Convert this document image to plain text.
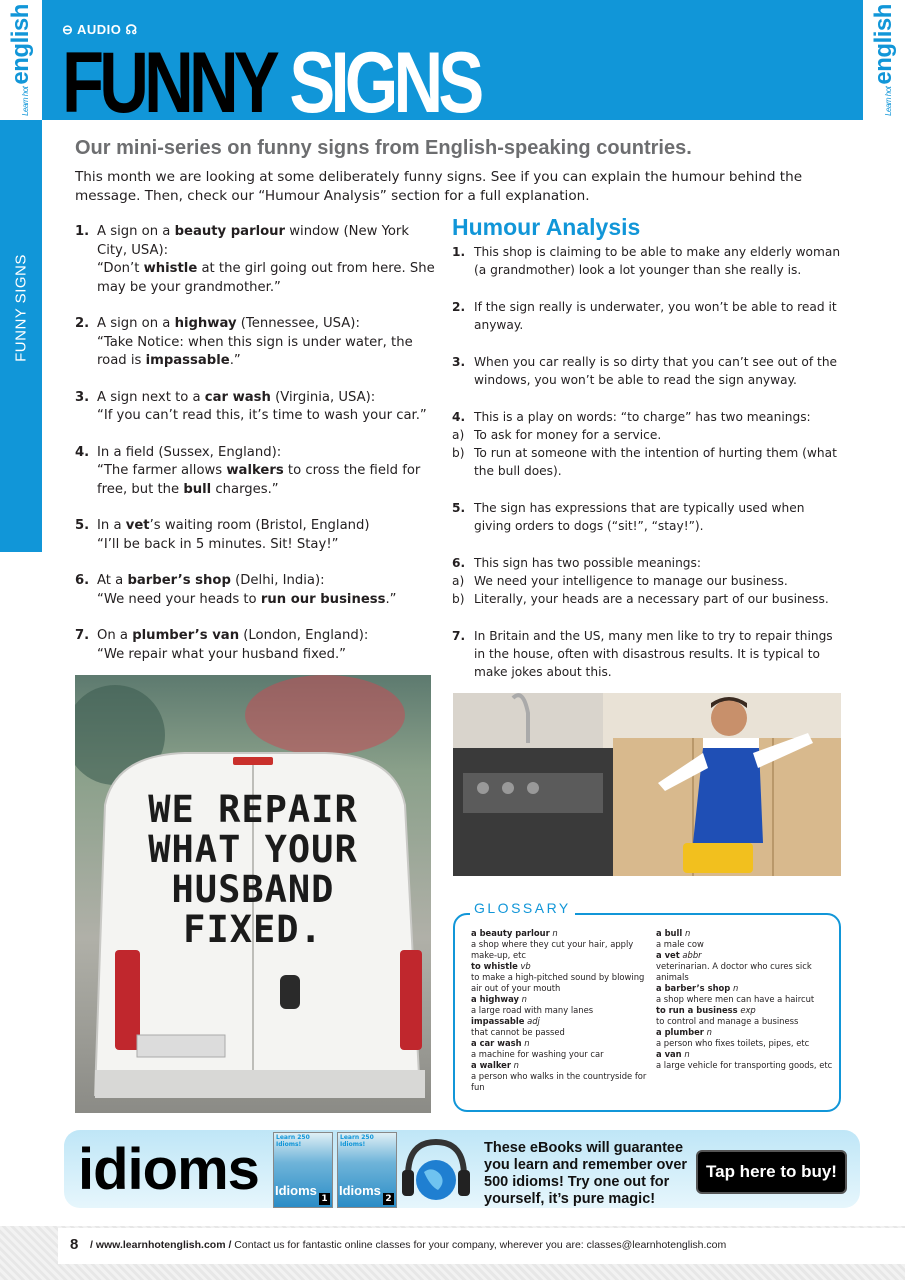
Learn hotenglish
Learn hotenglish
⊖ AUDIO ☊
FUNNY SIGNS
FUNNY SIGNS
Our mini-series on funny signs from English-speaking countries.
This month we are looking at some deliberately funny signs. See if you can explain the humour behind the message. Then, check our “Humour Analysis” section for a full explanation.
1. A sign on a beauty parlour window (New York City, USA):
“Don’t whistle at the girl going out from here. She may be your grandmother.”
2. A sign on a highway (Tennessee, USA):
“Take Notice: when this sign is under water, the road is impassable.”
3. A sign next to a car wash (Virginia, USA):
“If you can’t read this, it’s time to wash your car.”
4. In a field (Sussex, England):
“The farmer allows walkers to cross the field for free, but the bull charges.”
5. In a vet’s waiting room (Bristol, England)
“I’ll be back in 5 minutes. Sit! Stay!”
6. At a barber’s shop (Delhi, India):
“We need your heads to run our business.”
7. On a plumber’s van (London, England):
“We repair what your husband fixed.”
WE REPAIR
WHAT YOUR
HUSBAND
FIXED.
Humour Analysis
1. This shop is claiming to be able to make any elderly woman (a grandmother) look a lot younger than she really is.
2. If the sign really is underwater, you won’t be able to read it anyway.
3. When you car really is so dirty that you can’t see out of the windows, you won’t be able to read the sign anyway.
4. This is a play on words: “to charge” has two meanings:
a) To ask for money for a service.
b) To run at someone with the intention of hurting them (what the bull does).
5. The sign has expressions that are typically used when giving orders to dogs (“sit!”, “stay!”).
6. This sign has two possible meanings:
a) We need your intelligence to manage our business.
b) Literally, your heads are a necessary part of our business.
7. In Britain and the US, many men like to try to repair things in the house, often with disastrous results. It is typical to make jokes about this.
GLOSSARY
a beauty parlour n
a shop where they cut your hair, apply make-up, etc
to whistle vb
to make a high-pitched sound by blowing air out of your mouth
a highway n
a large road with many lanes
impassable adj
that cannot be passed
a car wash n
a machine for washing your car
a walker n
a person who walks in the countryside for fun
a bull n
a male cow
a vet abbr
veterinarian. A doctor who cures sick animals
a barber’s shop n
a shop where men can have a haircut
to run a business exp
to control and manage a business
a plumber n
a person who fixes toilets, pipes, etc
a van n
a large vehicle for transporting goods, etc
idioms	Learn 250 Idioms!
Idioms
1
Learn 250 Idioms!
Idioms
2
These eBooks will guarantee you learn and remember over 500 idioms! Try one out for yourself, it’s pure magic!
Tap here to buy!
8 / www.learnhotenglish.com / Contact us for fantastic online classes for your company, wherever you are: classes@learnhotenglish.com
